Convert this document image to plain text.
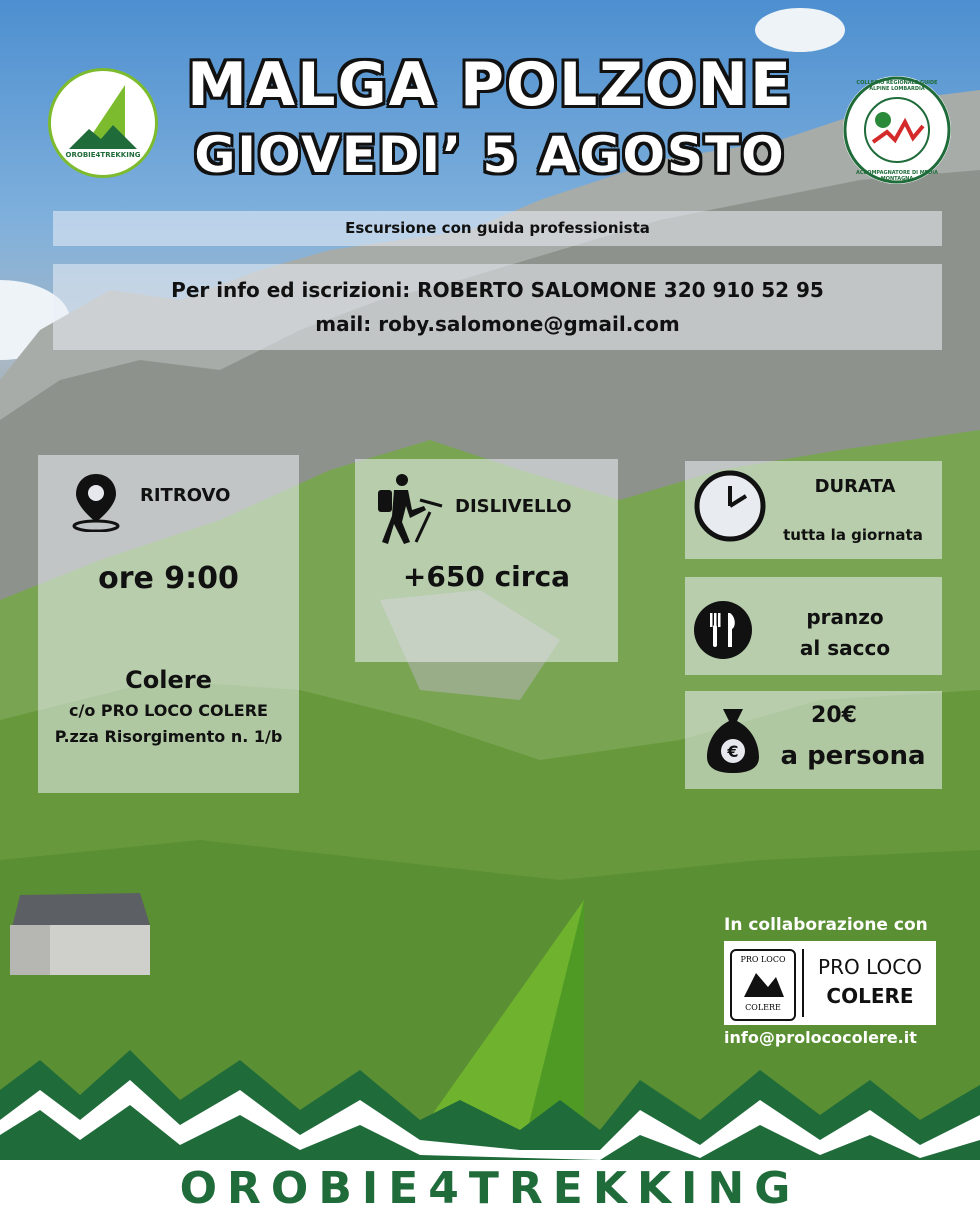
OROBIE4TREKKING
COLLEGIO REGIONALE GUIDE ALPINE LOMBARDIA
ACCOMPAGNATORE DI MEDIA MONTAGNA
MALGA POLZONE
GIOVEDI’ 5 AGOSTO
Escursione con guida professionista
Per info ed iscrizioni: ROBERTO SALOMONE 320 910 52 95
mail: roby.salomone@gmail.com
RITROVO
ore 9:00
Colere
c/o PRO LOCO COLERE
P.zza Risorgimento n. 1/b
DISLIVELLO
+650 circa
DURATA
tutta la giornata
pranzo
al sacco
€
20€
a persona
In collaborazione con
PRO LOCO
COLERE
PRO LOCO
COLERE
info@prolococolere.it
OROBIE4TREKKING
